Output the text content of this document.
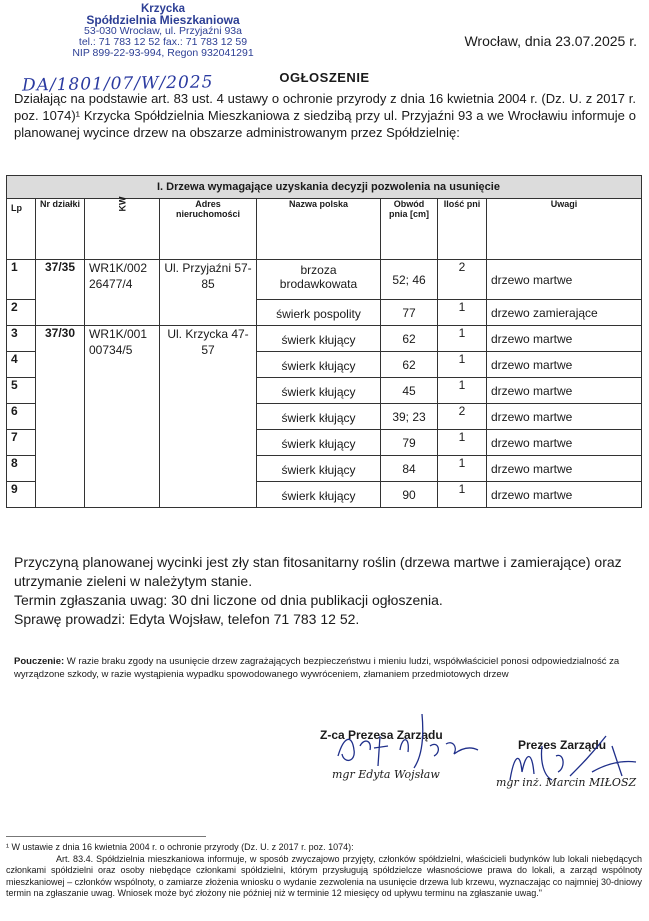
Krzycka
Spółdzielnia Mieszkaniowa
53-030 Wrocław, ul. Przyjaźni 93a
tel.: 71 783 12 52 fax.: 71 783 12 59
NIP 899-22-93-994, Regon 932041291
DA/1801/07/W/2025
Wrocław, dnia 23.07.2025 r.
OGŁOSZENIE
Działając na podstawie art. 83 ust. 4 ustawy o ochronie przyrody z dnia 16 kwietnia 2004 r. (Dz. U. z 2017 r. poz. 1074)¹ Krzycka Spółdzielnia Mieszkaniowa z siedzibą przy ul. Przyjaźni 93 a we Wrocławiu informuje o planowanej wycince drzew na obszarze administrowanym przez Spółdzielnię:
I. Drzewa wymagające uzyskania decyzji pozwolenia na usunięcie							
Lp	Nr działki	KW	Adres nieruchomości	Nazwa polska	Obwód pnia [cm]	Ilość pni	Uwagi
1	37/35	WR1K/002 26477/4	Ul. Przyjaźni 57-85	brzoza brodawkowata	52; 46	2	drzewo martwe
2				świerk pospolity	77	1	drzewo zamierające
3	37/30	WR1K/001 00734/5	Ul. Krzycka 47-57	świerk kłujący	62	1	drzewo martwe
4				świerk kłujący	62	1	drzewo martwe
5				świerk kłujący	45	1	drzewo martwe
6				świerk kłujący	39; 23	2	drzewo martwe
7				świerk kłujący	79	1	drzewo martwe
8				świerk kłujący	84	1	drzewo martwe
9				świerk kłujący	90	1	drzewo martwe
Przyczyną planowanej wycinki jest zły stan fitosanitarny roślin (drzewa martwe i zamierające) oraz utrzymanie zieleni w należytym stanie.
Termin zgłaszania uwag: 30 dni liczone od dnia publikacji ogłoszenia.
Sprawę prowadzi: Edyta Wojsław, telefon 71 783 12 52.
Pouczenie: W razie braku zgody na usunięcie drzew zagrażających bezpieczeństwu i mieniu ludzi, współwłaściciel ponosi odpowiedzialność za wyrządzone szkody, w razie wystąpienia wypadku spowodowanego wywróceniem, złamaniem przedmiotowych drzew
Z-ca Prezesa Zarządu
mgr Edyta Wojsław
Prezes Zarządu
mgr inż. Marcin MIŁOSZ
¹ W ustawie z dnia 16 kwietnia 2004 r. o ochronie przyrody (Dz. U. z 2017 r. poz. 1074):
Art. 83.4. Spółdzielnia mieszkaniowa informuje, w sposób zwyczajowo przyjęty, członków spółdzielni, właścicieli budynków lub lokali niebędących członkami spółdzielni oraz osoby niebędące członkami spółdzielni, którym przysługują spółdzielcze własnościowe prawa do lokali, a zarząd wspólnoty mieszkaniowej – członków wspólnoty, o zamiarze złożenia wniosku o wydanie zezwolenia na usunięcie drzewa lub krzewu, wyznaczając co najmniej 30-dniowy termin na zgłaszanie uwag. Wniosek może być złożony nie później niż w terminie 12 miesięcy od upływu terminu na zgłaszanie uwag."
